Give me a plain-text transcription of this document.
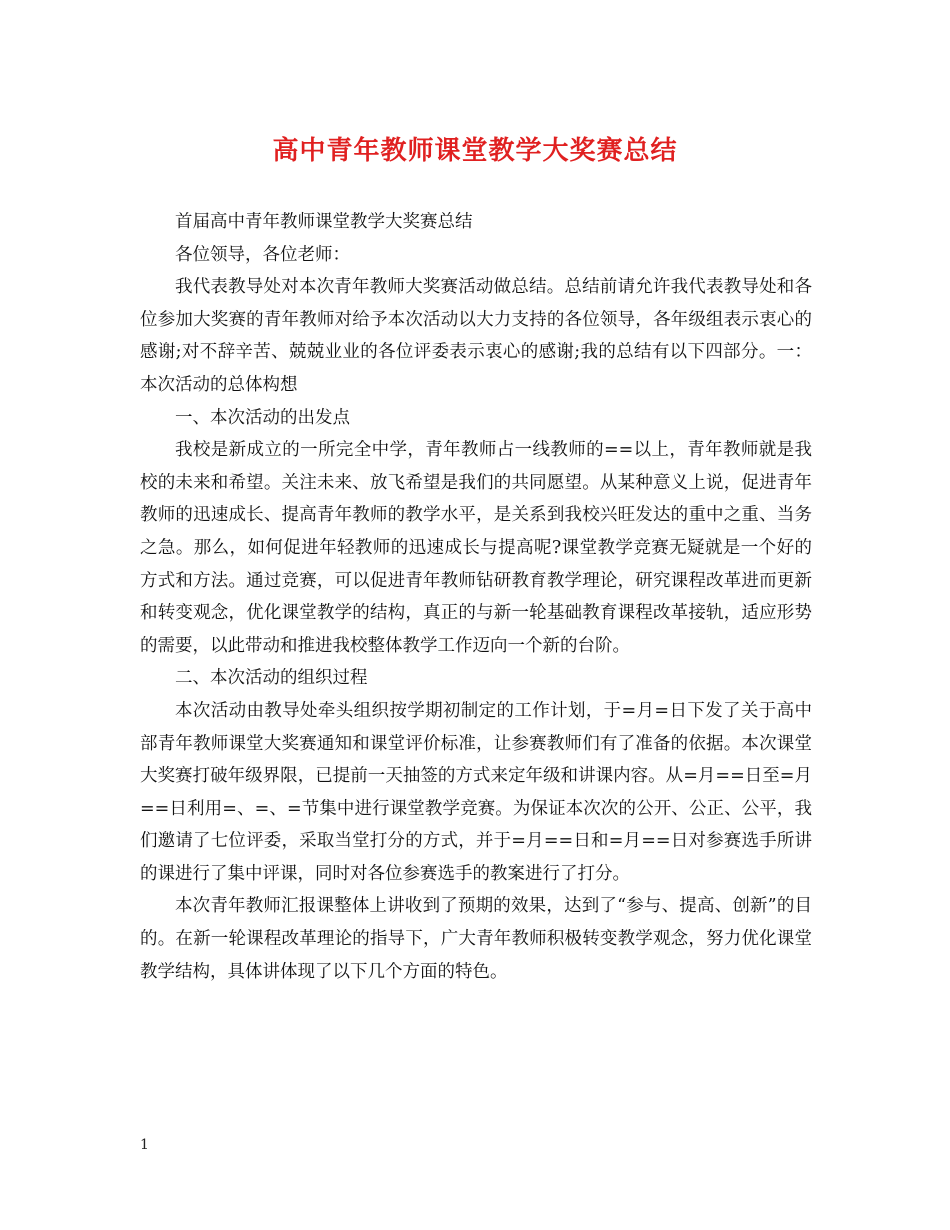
高中青年教师课堂教学大奖赛总结

首届高中青年教师课堂教学大奖赛总结

各位领导，各位老师：

我代表教导处对本次青年教师大奖赛活动做总结。总结前请允许我代表教导处和各位参加大奖赛的青年教师对给予本次活动以大力支持的各位领导，各年级组表示衷心的感谢;对不辞辛苦、兢兢业业的各位评委表示衷心的感谢;我的总结有以下四部分。一：本次活动的总体构想

一、本次活动的出发点

我校是新成立的一所完全中学，青年教师占一线教师的==以上，青年教师就是我校的未来和希望。关注未来、放飞希望是我们的共同愿望。从某种意义上说，促进青年教师的迅速成长、提高青年教师的教学水平，是关系到我校兴旺发达的重中之重、当务之急。那么，如何促进年轻教师的迅速成长与提高呢?课堂教学竞赛无疑就是一个好的方式和方法。通过竞赛，可以促进青年教师钻研教育教学理论，研究课程改革进而更新和转变观念，优化课堂教学的结构，真正的与新一轮基础教育课程改革接轨，适应形势的需要，以此带动和推进我校整体教学工作迈向一个新的台阶。

二、本次活动的组织过程

本次活动由教导处牵头组织按学期初制定的工作计划，于=月=日下发了关于高中部青年教师课堂大奖赛通知和课堂评价标准，让参赛教师们有了准备的依据。本次课堂大奖赛打破年级界限，已提前一天抽签的方式来定年级和讲课内容。从=月==日至=月==日利用=、=、=节集中进行课堂教学竞赛。为保证本次次的公开、公正、公平，我们邀请了七位评委，采取当堂打分的方式，并于=月==日和=月==日对参赛选手所讲的课进行了集中评课，同时对各位参赛选手的教案进行了打分。

本次青年教师汇报课整体上讲收到了预期的效果，达到了“参与、提高、创新”的目的。在新一轮课程改革理论的指导下，广大青年教师积极转变教学观念，努力优化课堂教学结构，具体讲体现了以下几个方面的特色。

1
